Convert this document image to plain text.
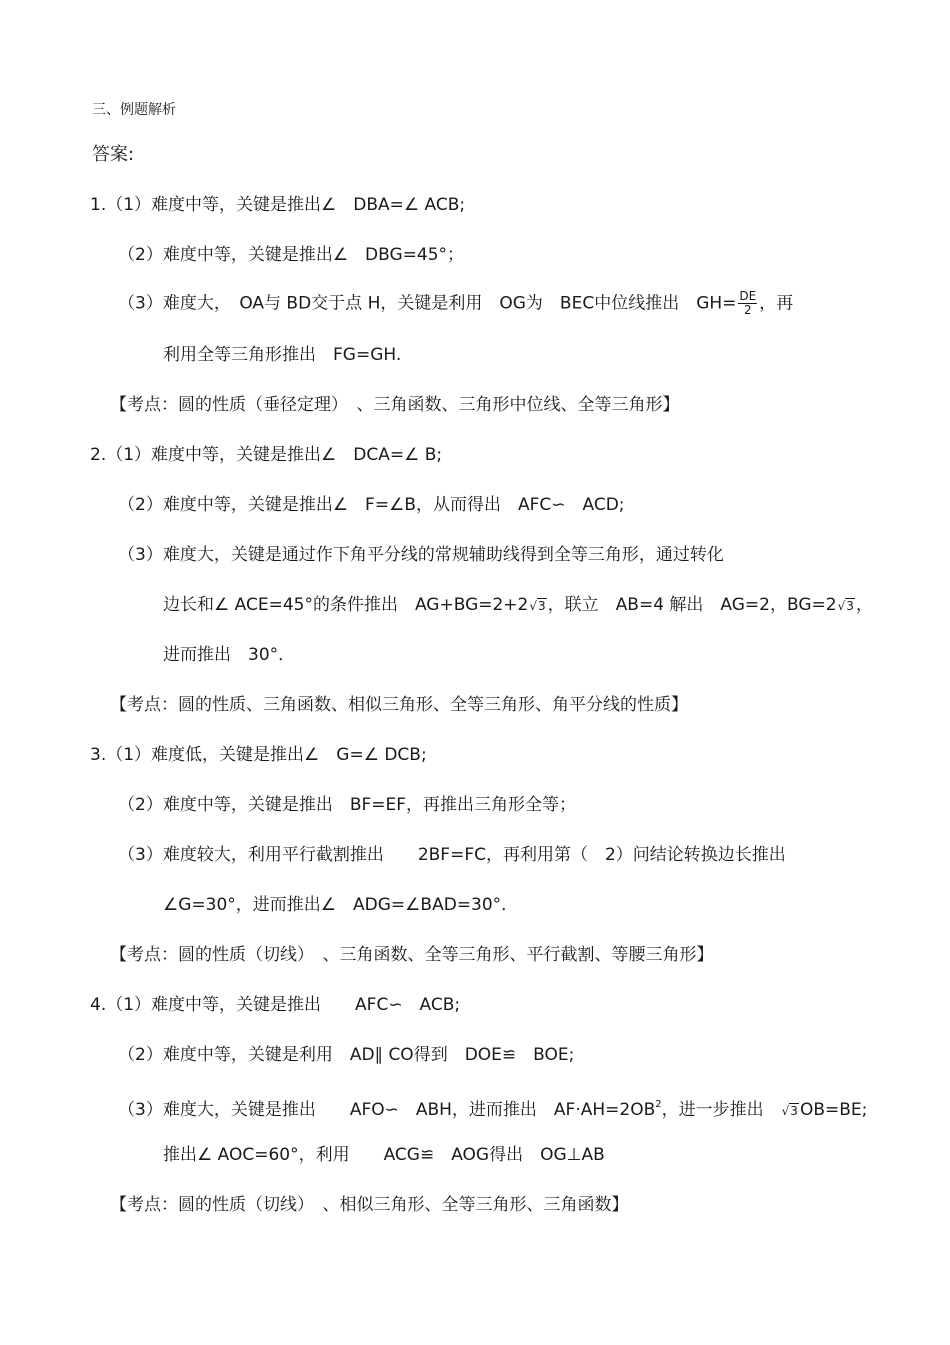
三、例题解析
答案:
1.（1）难度中等，关键是推出∠　DBA=∠ ACB;
（2）难度中等，关键是推出∠　DBG=45°；
（3）难度大，　OA与 BD交于点 H，关键是利用　OG为　BEC中位线推出　$GH= \frac{DE}{2}$ ，再
利用全等三角形推出　FG=GH.
【考点：圆的性质（垂径定理）　、三角函数、三角形中位线、全等三角形】
2.（1）难度中等，关键是推出∠　DCA=∠ B;
（2）难度中等，关键是推出∠　F=∠B，从而得出　AFC∽　ACD;
（3）难度大，关键是通过作下角平分线的常规辅助线得到全等三角形，通过转化
边长和∠ ACE=45°的条件推出　AG+BG=2+2√3 ，联立　AB=4 解出　AG=2，BG=2√3 ，
进而推出　30°．
【考点：圆的性质、三角函数、相似三角形、全等三角形、角平分线的性质】
3.（1）难度低，关键是推出∠　G=∠ DCB;
（2）难度中等，关键是推出　BF=EF，再推出三角形全等；
（3）难度较大，利用平行截割推出　　2BF=FC，再利用第（　2）问结论转换边长推出
∠G=30°，进而推出∠　ADG=∠BAD=30°．
【考点：圆的性质（切线）　、三角函数、全等三角形、平行截割、等腰三角形】
4.（1）难度中等，关键是推出　　AFC∽　ACB;
（2）难度中等，关键是利用　AD∥ CO得到　DOE≌　BOE;
（3）难度大，关键是推出　　AFO∽　ABH，进而推出　$AF\cdot AH=2OB^2$，进一步推出　√3 OB=BE;
推出∠ AOC=60°，利用　　ACG≌　AOG得出　OG⊥AB
【考点：圆的性质（切线）　、相似三角形、全等三角形、三角函数】
